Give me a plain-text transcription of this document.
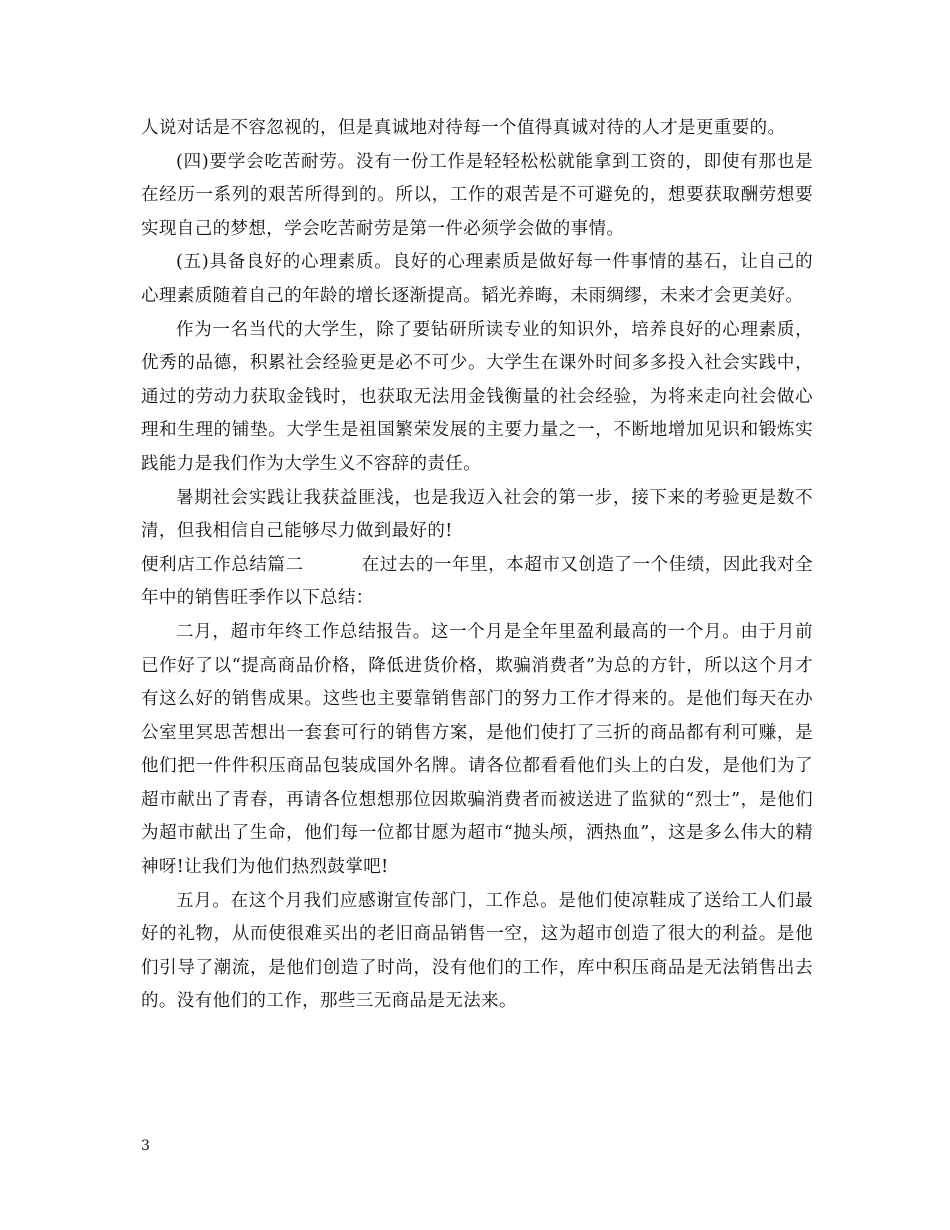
人说对话是不容忽视的，但是真诚地对待每一个值得真诚对待的人才是更重要的。

(四)要学会吃苦耐劳。没有一份工作是轻轻松松就能拿到工资的，即使有那也是在经历一系列的艰苦所得到的。所以，工作的艰苦是不可避免的，想要获取酬劳想要实现自己的梦想，学会吃苦耐劳是第一件必须学会做的事情。

(五)具备良好的心理素质。良好的心理素质是做好每一件事情的基石，让自己的心理素质随着自己的年龄的增长逐渐提高。韬光养晦，未雨绸缪，未来才会更美好。

作为一名当代的大学生，除了要钻研所读专业的知识外，培养良好的心理素质，优秀的品德，积累社会经验更是必不可少。大学生在课外时间多多投入社会实践中，通过的劳动力获取金钱时，也获取无法用金钱衡量的社会经验，为将来走向社会做心理和生理的铺垫。大学生是祖国繁荣发展的主要力量之一，不断地增加见识和锻炼实践能力是我们作为大学生义不容辞的责任。

暑期社会实践让我获益匪浅，也是我迈入社会的第一步，接下来的考验更是数不清，但我相信自己能够尽力做到最好的!

便利店工作总结篇二	在过去的一年里，本超市又创造了一个佳绩，因此我对全年中的销售旺季作以下总结：

二月，超市年终工作总结报告。这一个月是全年里盈利最高的一个月。由于月前已作好了以“提高商品价格，降低进货价格，欺骗消费者”为总的方针，所以这个月才有这么好的销售成果。这些也主要靠销售部门的努力工作才得来的。是他们每天在办公室里冥思苦想出一套套可行的销售方案，是他们使打了三折的商品都有利可赚，是他们把一件件积压商品包装成国外名牌。请各位都看看他们头上的白发，是他们为了超市献出了青春，再请各位想想那位因欺骗消费者而被送进了监狱的“烈士”，是他们为超市献出了生命，他们每一位都甘愿为超市“抛头颅，洒热血”，这是多么伟大的精神呀!让我们为他们热烈鼓掌吧!

五月。在这个月我们应感谢宣传部门，工作总。是他们使凉鞋成了送给工人们最好的礼物，从而使很难买出的老旧商品销售一空，这为超市创造了很大的利益。是他们引导了潮流，是他们创造了时尚，没有他们的工作，库中积压商品是无法销售出去的。没有他们的工作，那些三无商品是无法来。

3
